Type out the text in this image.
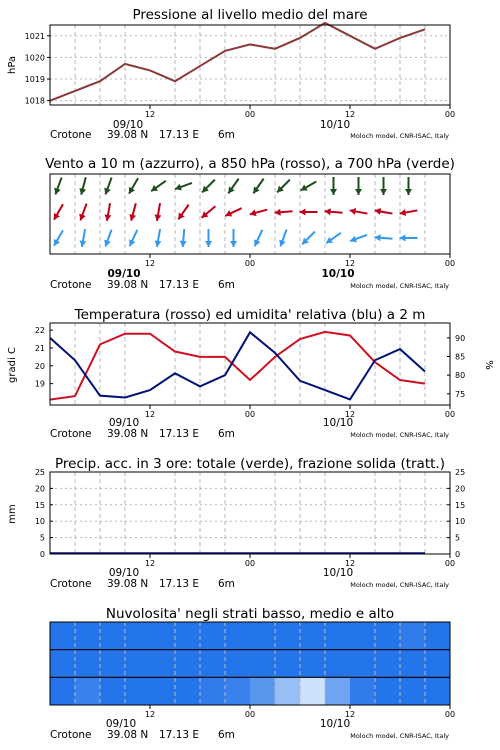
Pressione al livello medio del mare
hPa
1018
1019
1020
1021
12	00	12	00
09/10	10/10
Crotone 39.08 N 17.13 E 6m	Moloch model, CNR-ISAC, Italy
Vento a 10 m (azzurro), a 850 hPa (rosso), a 700 hPa (verde)
12	00	12	00
09/10	10/10
Crotone 39.08 N 17.13 E 6m	Moloch model, CNR-ISAC, Italy
Temperatura (rosso) ed umidita' relativa (blu) a 2 m
gradi C	%
19
20
21
22
75
80
85
90
12	00	12	00
09/10	10/10
Crotone 39.08 N 17.13 E 6m	Moloch model, CNR-ISAC, Italy
Precip. acc. in 3 ore: totale (verde), frazione solida (tratt.)
mm
0
5
10
15
20
25
0
5
10
15
20
25
12	00	12	00
09/10	10/10
Crotone 39.08 N 17.13 E 6m	Moloch model, CNR-ISAC, Italy
Nuvolosita' negli strati basso, medio e alto
12	00	12	00
09/10	10/10
Crotone 39.08 N 17.13 E 6m	Moloch model, CNR-ISAC, Italy
